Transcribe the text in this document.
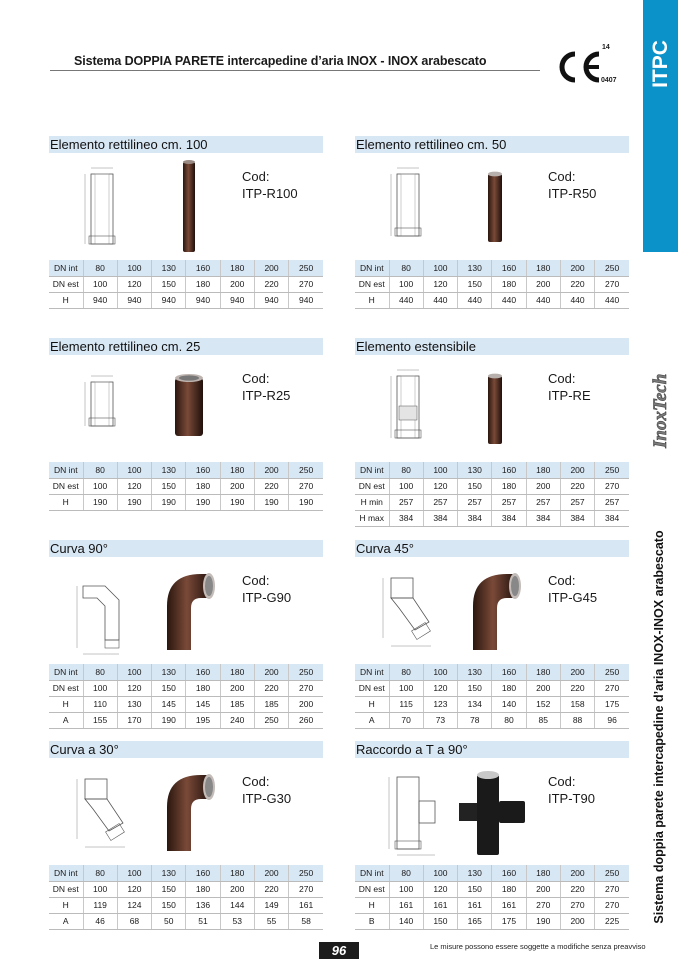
Sistema DOPPIA PARETE intercapedine d’aria INOX - INOX arabescato
14
0407 ITPC
InoxTech
Sistema doppia parete intercapedine d’aria INOX-INOX arabescato
Elemento rettilineo cm. 100
Cod:
ITP-R100
DN int	80	100	130	160	180	200	250
DN est	100	120	150	180	200	220	270
H	940	940	940	940	940	940	940
Elemento rettilineo cm. 50
Cod:
ITP-R50
DN int	80	100	130	160	180	200	250
DN est	100	120	150	180	200	220	270
H	440	440	440	440	440	440	440
Elemento rettilineo cm. 25
Cod:
ITP-R25
DN int	80	100	130	160	180	200	250
DN est	100	120	150	180	200	220	270
H	190	190	190	190	190	190	190
Elemento estensibile
Cod:
ITP-RE
DN int	80	100	130	160	180	200	250
DN est	100	120	150	180	200	220	270
H min	257	257	257	257	257	257	257
H max	384	384	384	384	384	384	384
Curva 90°
Cod:
ITP-G90
DN int	80	100	130	160	180	200	250
DN est	100	120	150	180	200	220	270
H	110	130	145	145	185	185	200
A	155	170	190	195	240	250	260
Curva 45°
Cod:
ITP-G45
DN int	80	100	130	160	180	200	250
DN est	100	120	150	180	200	220	270
H	115	123	134	140	152	158	175
A	70	73	78	80	85	88	96
Curva a 30°
Cod:
ITP-G30
DN int	80	100	130	160	180	200	250
DN est	100	120	150	180	200	220	270
H	119	124	150	136	144	149	161
A	46	68	50	51	53	55	58
Raccordo a T a 90°
Cod:
ITP-T90
DN int	80	100	130	160	180	200	250
DN est	100	120	150	180	200	220	270
H	161	161	161	161	270	270	270
B	140	150	165	175	190	200	225
96	Le misure possono essere soggette a modifiche senza preavviso
